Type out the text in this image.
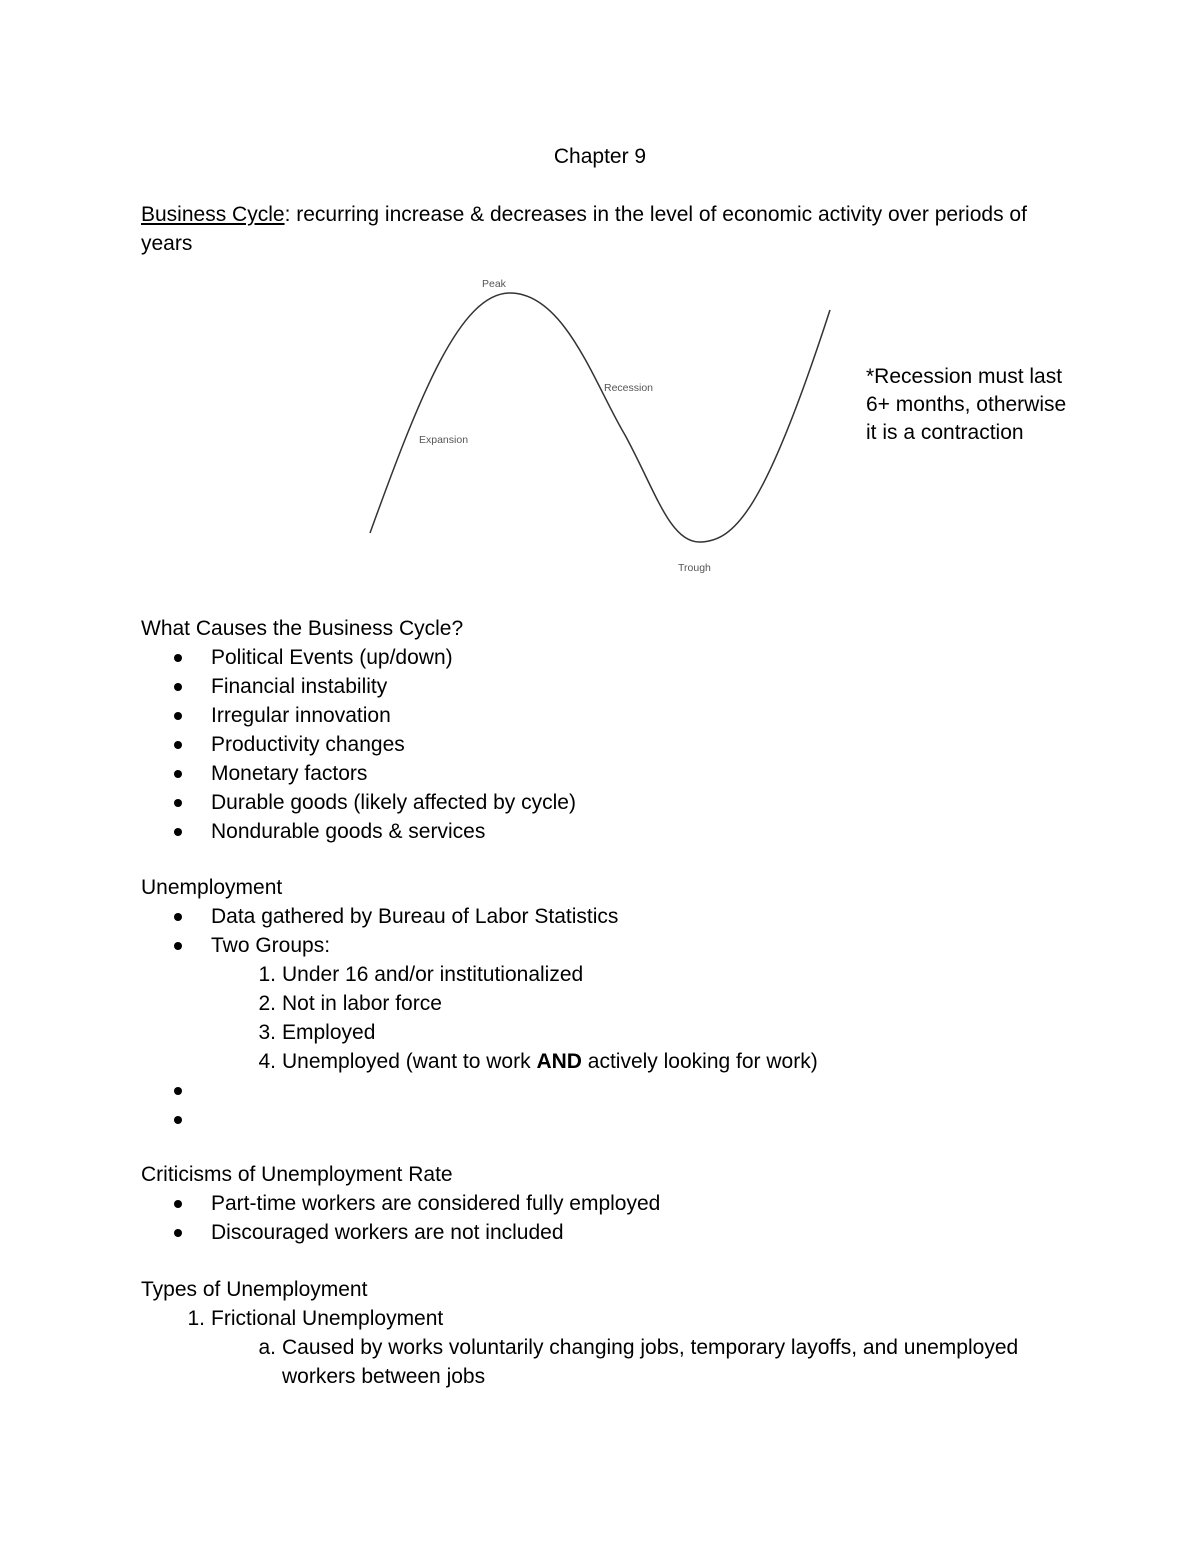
Chapter 9
Business Cycle: recurring increase & decreases in the level of economic activity over periods of years
Peak
Recession
Expansion
Trough
*Recession must last
6+ months, otherwise
it is a contraction
What Causes the Business Cycle?
Political Events (up/down)
Financial instability
Irregular innovation
Productivity changes
Monetary factors
Durable goods (likely affected by cycle)
Nondurable goods & services
Unemployment
Data gathered by Bureau of Labor Statistics
Two Groups:
1. Under 16 and/or institutionalized
2. Not in labor force
3. Employed
4. Unemployed (want to work AND actively looking for work)
Criticisms of Unemployment Rate
Part-time workers are considered fully employed
Discouraged workers are not included
Types of Unemployment
1. Frictional Unemployment
a. Caused by works voluntarily changing jobs, temporary layoffs, and unemployed workers between jobs
